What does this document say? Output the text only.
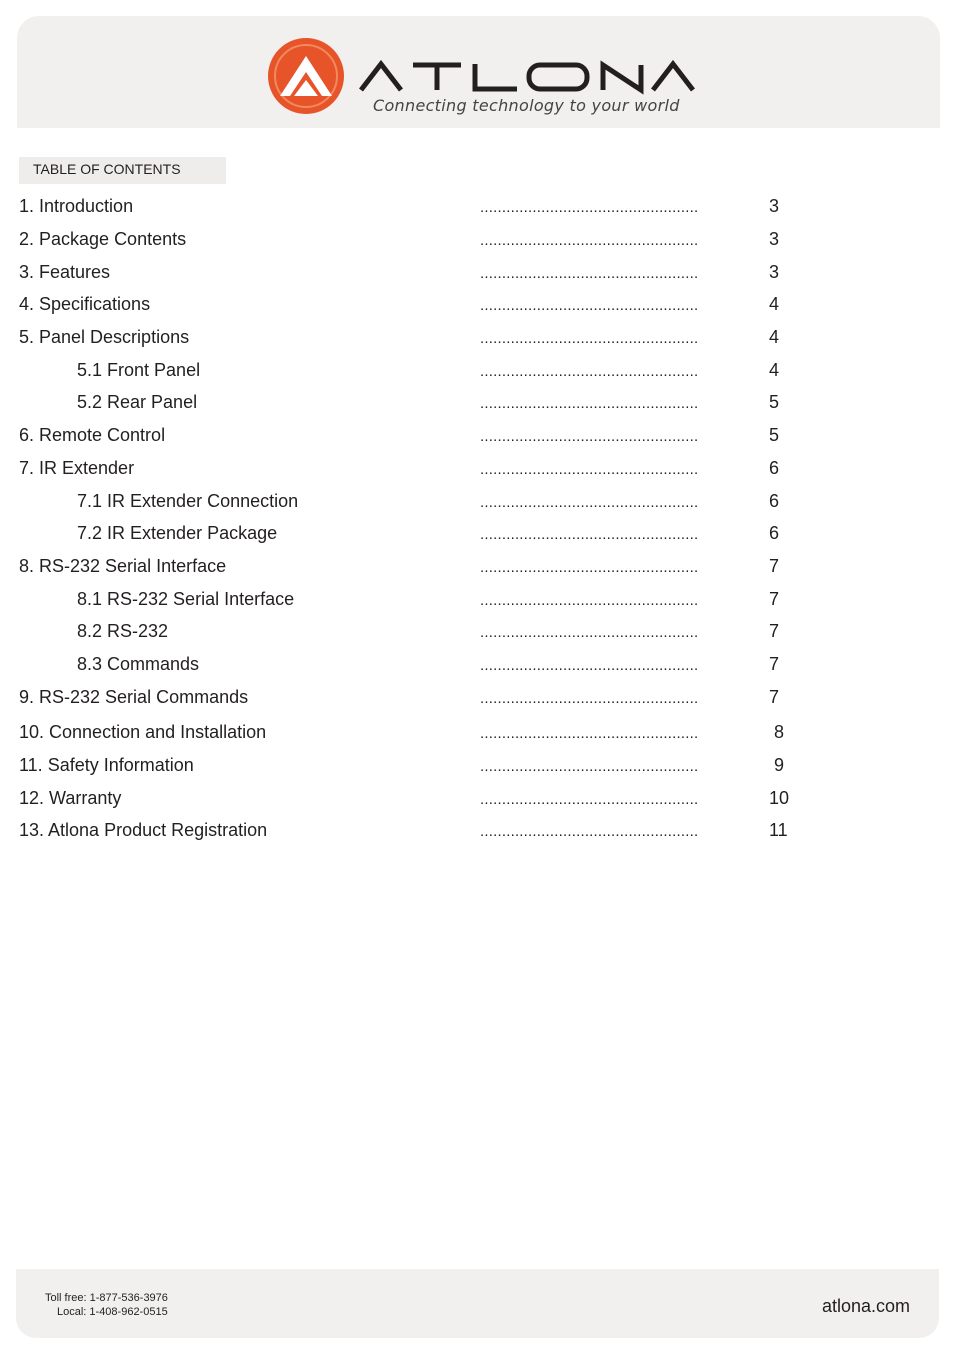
®
Connecting technology to your world
TABLE OF CONTENTS
1. Introduction	..................................................	3
2. Package Contents	..................................................	3
3. Features	..................................................	3
4. Specifications	..................................................	4
5. Panel Descriptions	..................................................	4
5.1 Front Panel	..................................................	4
5.2 Rear Panel	..................................................	5
6. Remote Control	..................................................	5
7. IR Extender	..................................................	6
7.1 IR Extender Connection	..................................................	6
7.2 IR Extender Package	..................................................	6
8. RS-232 Serial Interface	..................................................	7
8.1 RS-232 Serial Interface	..................................................	7
8.2 RS-232	..................................................	7
8.3 Commands	..................................................	7
9. RS-232 Serial Commands	..................................................	7
10. Connection and Installation	..................................................	8
11. Safety Information	..................................................	9
12. Warranty	..................................................	10
13. Atlona Product Registration	..................................................	11
Toll free: 1-877-536-3976
Local: 1-408-962-0515	atlona.com
